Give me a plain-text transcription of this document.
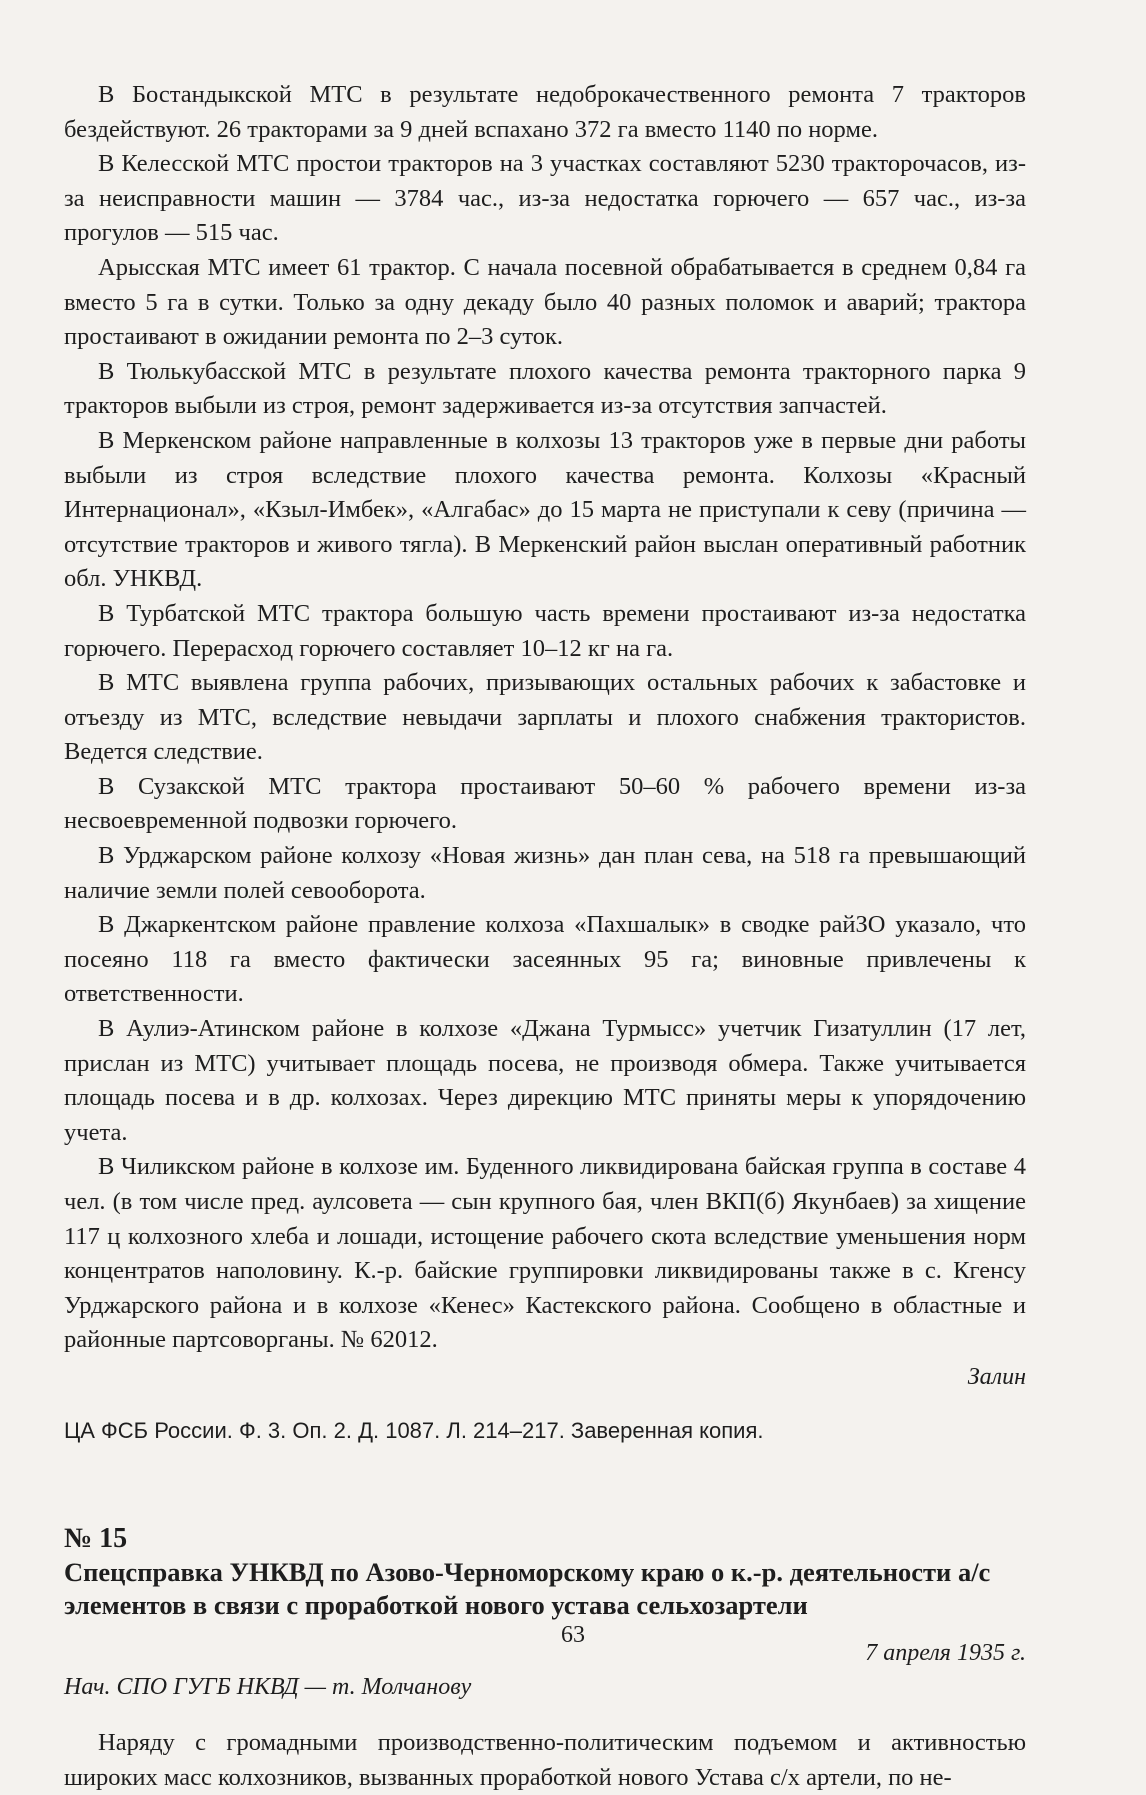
В Бостандыкской МТС в результате недоброкачественного ремонта 7 тракторов бездействуют. 26 тракторами за 9 дней вспахано 372 га вместо 1140 по норме.

В Келесской МТС простои тракторов на 3 участках составляют 5230 тракторочасов, из-за неисправности машин — 3784 час., из-за недостатка горючего — 657 час., из-за прогулов — 515 час.

Арысская МТС имеет 61 трактор. С начала посевной обрабатывается в среднем 0,84 га вместо 5 га в сутки. Только за одну декаду было 40 разных поломок и аварий; трактора простаивают в ожидании ремонта по 2–3 суток.

В Тюлькубасской МТС в результате плохого качества ремонта тракторного парка 9 тракторов выбыли из строя, ремонт задерживается из-за отсутствия запчастей.

В Меркенском районе направленные в колхозы 13 тракторов уже в первые дни работы выбыли из строя вследствие плохого качества ремонта. Колхозы «Красный Интернационал», «Кзыл-Имбек», «Алгабас» до 15 марта не приступали к севу (причина — отсутствие тракторов и живого тягла). В Меркенский район выслан оперативный работник обл. УНКВД.

В Турбатской МТС трактора большую часть времени простаивают из-за недостатка горючего. Перерасход горючего составляет 10–12 кг на га.

В МТС выявлена группа рабочих, призывающих остальных рабочих к забастовке и отъезду из МТС, вследствие невыдачи зарплаты и плохого снабжения трактористов. Ведется следствие.

В Сузакской МТС трактора простаивают 50–60 % рабочего времени из-за несвоевременной подвозки горючего.

В Урджарском районе колхозу «Новая жизнь» дан план сева, на 518 га превышающий наличие земли полей севооборота.

В Джаркентском районе правление колхоза «Пахшалык» в сводке райЗО указало, что посеяно 118 га вместо фактически засеянных 95 га; виновные привлечены к ответственности.

В Аулиэ-Атинском районе в колхозе «Джана Турмысс» учетчик Гизатуллин (17 лет, прислан из МТС) учитывает площадь посева, не производя обмера. Также учитывается площадь посева и в др. колхозах. Через дирекцию МТС приняты меры к упорядочению учета.

В Чиликском районе в колхозе им. Буденного ликвидирована байская группа в составе 4 чел. (в том числе пред. аулсовета — сын крупного бая, член ВКП(б) Якунбаев) за хищение 117 ц колхозного хлеба и лошади, истощение рабочего скота вследствие уменьшения норм концентратов наполовину. К.-р. байские группировки ликвидированы также в с. Кгенсу Урджарского района и в колхозе «Кенес» Кастекского района. Сообщено в областные и районные партсоворганы. № 62012.

Залин

ЦА ФСБ России. Ф. 3. Оп. 2. Д. 1087. Л. 214–217. Заверенная копия.

№ 15

Спецсправка УНКВД по Азово-Черноморскому краю о к.-р. деятельности а/с элементов в связи с проработкой нового устава сельхозартели

7 апреля 1935 г.

Нач. СПО ГУГБ НКВД — т. Молчанову

Наряду с громадными производственно-политическим подъемом и активностью широких масс колхозников, вызванных проработкой нового Устава с/х артели, по не-

63
